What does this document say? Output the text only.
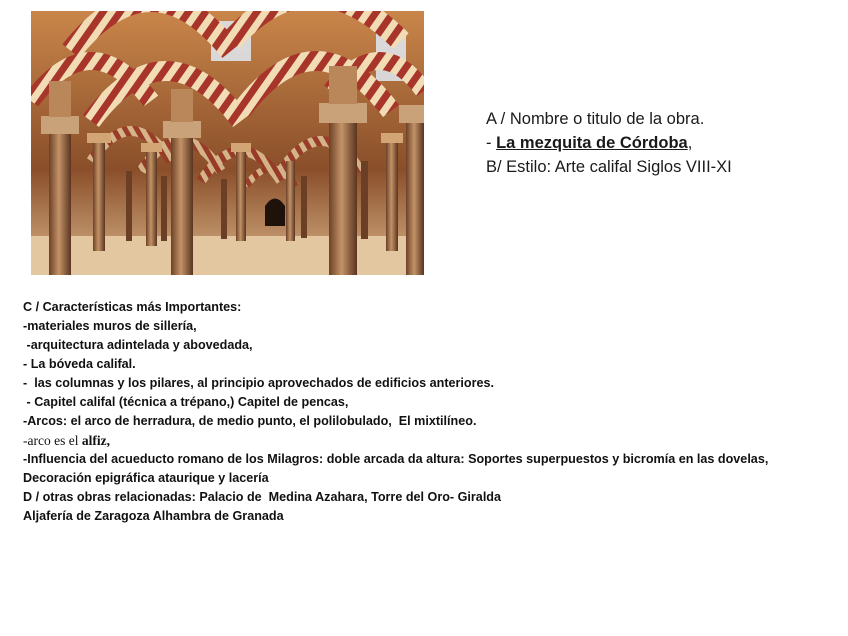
A / Nombre o titulo de la obra.
- La mezquita de Córdoba,
B/ Estilo: Arte califal Siglos VIII-XI
C / Características más Importantes:
-materiales muros de sillería,
-arquitectura adintelada y abovedada,
- La bóveda califal.
-  las columnas y los pilares, al principio aprovechados de edificios anteriores.
- Capitel califal (técnica a trépano,) Capitel de pencas,
-Arcos: el arco de herradura, de medio punto, el polilobulado,  El mixtilíneo.
-arco es el alfiz,
-Influencia del acueducto romano de los Milagros: doble arcada da altura: Soportes superpuestos y bicromía en las dovelas,
Decoración epigráfica ataurique y lacería
D / otras obras relacionadas: Palacio de  Medina Azahara, Torre del Oro- Giralda
Aljafería de Zaragoza Alhambra de Granada
